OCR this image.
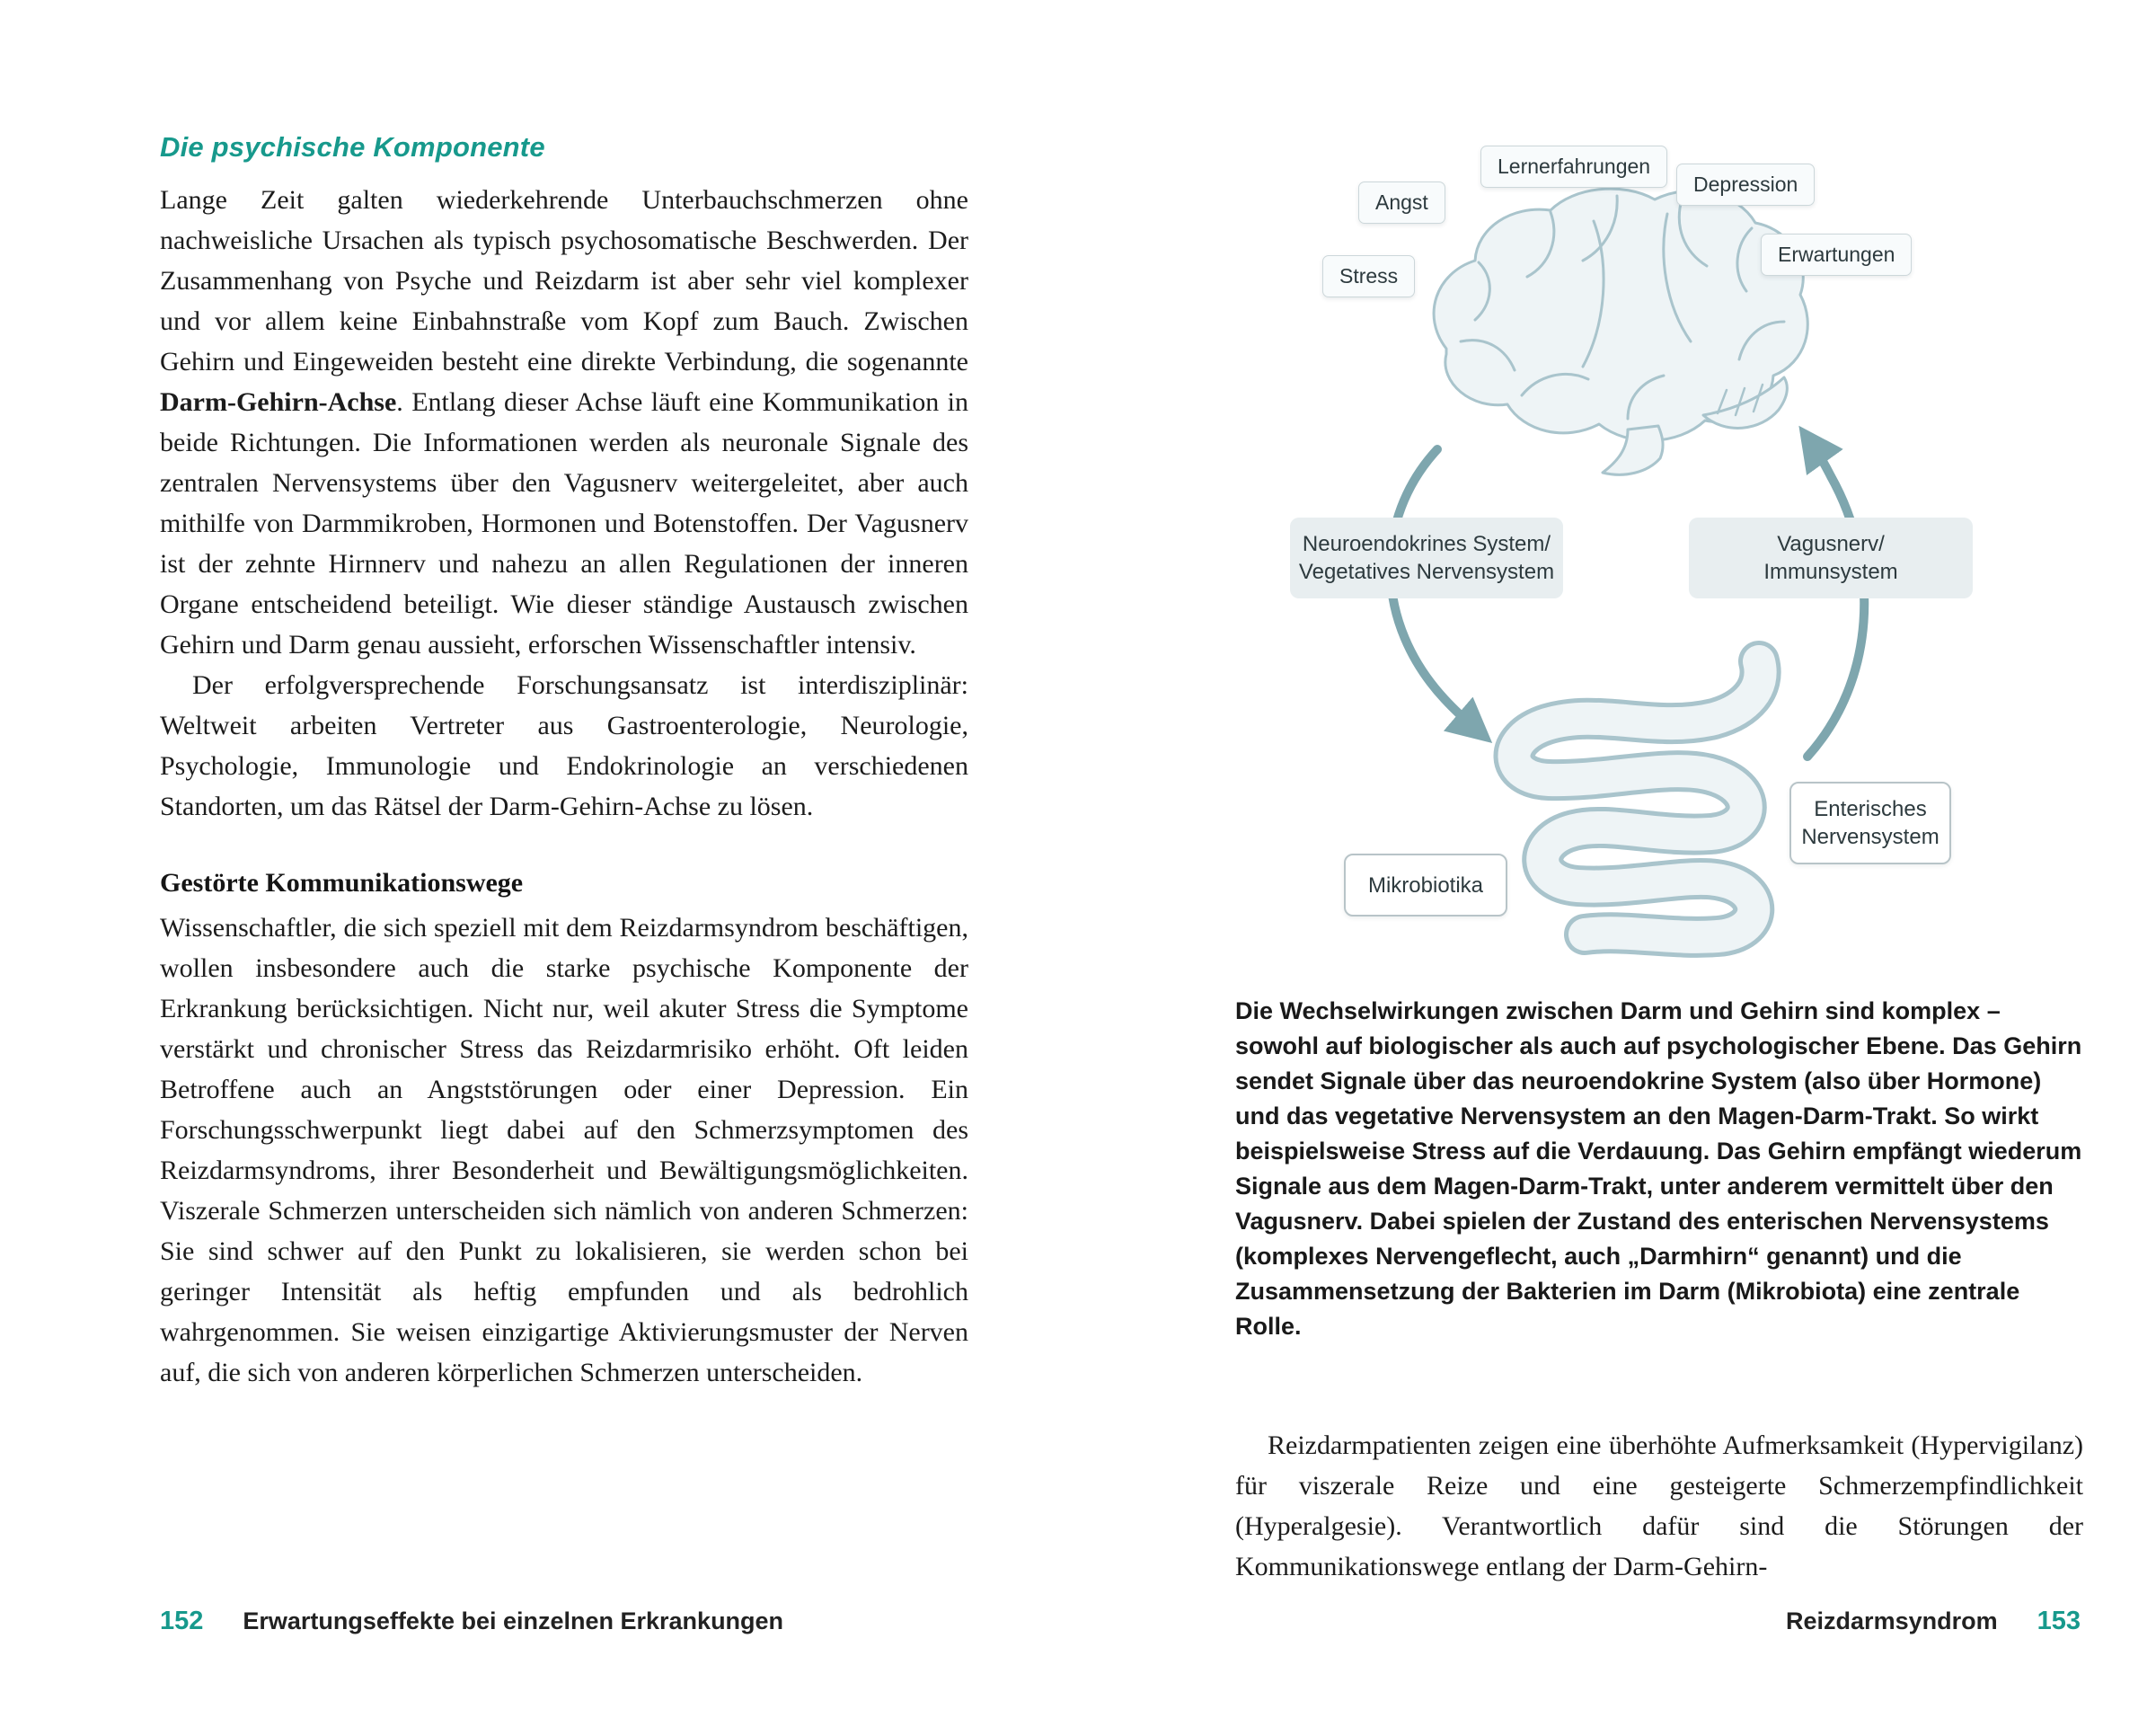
Die psychische Komponente

Lange Zeit galten wiederkehrende Unterbauchschmerzen ohne nachweisliche Ursachen als typisch psychosomatische Beschwerden. Der Zusammenhang von Psyche und Reizdarm ist aber sehr viel komplexer und vor allem keine Einbahnstraße vom Kopf zum Bauch. Zwischen Gehirn und Eingeweiden besteht eine direkte Verbindung, die sogenannte Darm-Gehirn-Achse. Entlang dieser Achse läuft eine Kommunikation in beide Richtungen. Die Informationen werden als neuronale Signale des zentralen Nervensystems über den Vagusnerv weitergeleitet, aber auch mithilfe von Darmmikroben, Hormonen und Botenstoffen. Der Vagusnerv ist der zehnte Hirnnerv und nahezu an allen Regulationen der inneren Organe entscheidend beteiligt. Wie dieser ständige Austausch zwischen Gehirn und Darm genau aussieht, erforschen Wissenschaftler intensiv.

Der erfolgversprechende Forschungsansatz ist interdisziplinär: Weltweit arbeiten Vertreter aus Gastroenterologie, Neurologie, Psychologie, Immunologie und Endokrinologie an verschiedenen Standorten, um das Rätsel der Darm-Gehirn-Achse zu lösen.

Gestörte Kommunikationswege

Wissenschaftler, die sich speziell mit dem Reizdarmsyndrom beschäftigen, wollen insbesondere auch die starke psychische Komponente der Erkrankung berücksichtigen. Nicht nur, weil akuter Stress die Symptome verstärkt und chronischer Stress das Reizdarmrisiko erhöht. Oft leiden Betroffene auch an Angststörungen oder einer Depression. Ein Forschungsschwerpunkt liegt dabei auf den Schmerzsymptomen des Reizdarmsyndroms, ihrer Besonderheit und Bewältigungsmöglichkeiten. Viszerale Schmerzen unterscheiden sich nämlich von anderen Schmerzen: Sie sind schwer auf den Punkt zu lokalisieren, sie werden schon bei geringer Intensität als heftig empfunden und als bedrohlich wahrgenommen. Sie weisen einzigartige Aktivierungsmuster der Nerven auf, die sich von anderen körperlichen Schmerzen unterscheiden.

152 Erwartungseffekte bei einzelnen Erkrankungen
Angst
Lernerfahrungen
Depression
Stress
Erwartungen
Neuroendokrines System/
Vegetatives Nervensystem
Vagusnerv/
Immunsystem
Enterisches
Nervensystem
Mikrobiotika
Die Wechselwirkungen zwischen Darm und Gehirn sind komplex – sowohl auf biologischer als auch auf psychologischer Ebene. Das Gehirn sendet Signale über das neuroendokrine System (also über Hormone) und das vegetative Nervensystem an den Magen-Darm-Trakt. So wirkt beispielsweise Stress auf die Verdauung. Das Gehirn empfängt wiederum Signale aus dem Magen-Darm-Trakt, unter anderem vermittelt über den Vagusnerv. Dabei spielen der Zustand des enterischen Nervensystems (komplexes Nervengeflecht, auch „Darmhirn“ genannt) und die Zusammensetzung der Bakterien im Darm (Mikrobiota) eine zentrale Rolle.

Reizdarmpatienten zeigen eine überhöhte Aufmerksamkeit (Hypervigilanz) für viszerale Reize und eine gesteigerte Schmerzempfindlichkeit (Hyperalgesie). Verantwortlich dafür sind die Störungen der Kommunikationswege entlang der Darm-Gehirn-

Reizdarmsyndrom 153
